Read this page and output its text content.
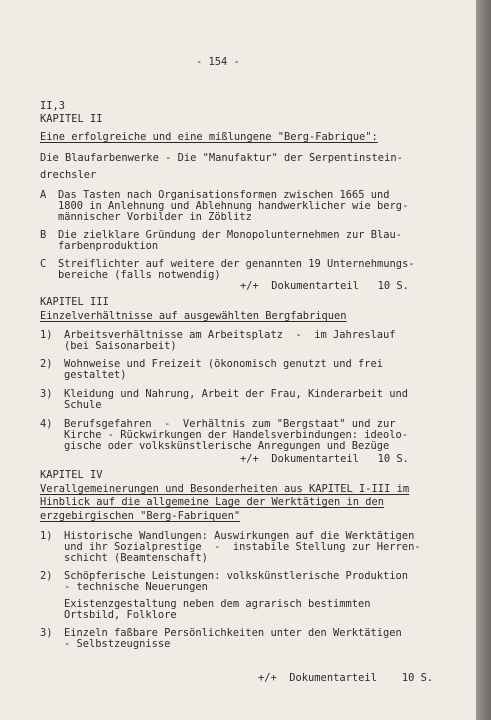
- 154 -
II,3
KAPITEL II
Eine erfolgreiche und eine mißlungene "Berg-Fabrique":
Die Blaufarbenwerke - Die "Manufaktur" der Serpentinstein-
drechsler
A Das Tasten nach Organisationsformen zwischen 1665 und
1800 in Anlehnung und Ablehnung handwerklicher wie berg-
männischer Vorbilder in Zöblitz
B Die zielklare Gründung der Monopolunternehmen zur Blau-
farbenproduktion
C Streiflichter auf weitere der genannten 19 Unternehmungs-
bereiche (falls notwendig)
+/+  Dokumentarteil   10 S.
KAPITEL III
Einzelverhältnisse auf ausgewählten Bergfabriquen
1) Arbeitsverhältnisse am Arbeitsplatz  -  im Jahreslauf
(bei Saisonarbeit)
2) Wohnweise und Freizeit (ökonomisch genutzt und frei
gestaltet)
3) Kleidung und Nahrung, Arbeit der Frau, Kinderarbeit und
Schule
4) Berufsgefahren  -  Verhältnis zum "Bergstaat" und zur
Kirche - Rückwirkungen der Handelsverbindungen: ideolo-
gische oder volkskünstlerische Anregungen und Bezüge
+/+  Dokumentarteil   10 S.
KAPITEL IV
Verallgemeinerungen und Besonderheiten aus KAPITEL I-III im
Hinblick auf die allgemeine Lage der Werktätigen in den
erzgebirgischen "Berg-Fabriquen"
1) Historische Wandlungen: Auswirkungen auf die Werktätigen
und ihr Sozialprestige  -  instabile Stellung zur Herren-
schicht (Beamtenschaft)
2) Schöpferische Leistungen: volkskünstlerische Produktion
- technische Neuerungen
Existenzgestaltung neben dem agrarisch bestimmten
Ortsbild, Folklore
3) Einzeln faßbare Persönlichkeiten unter den Werktätigen
- Selbstzeugnisse
+/+  Dokumentarteil    10 S.
